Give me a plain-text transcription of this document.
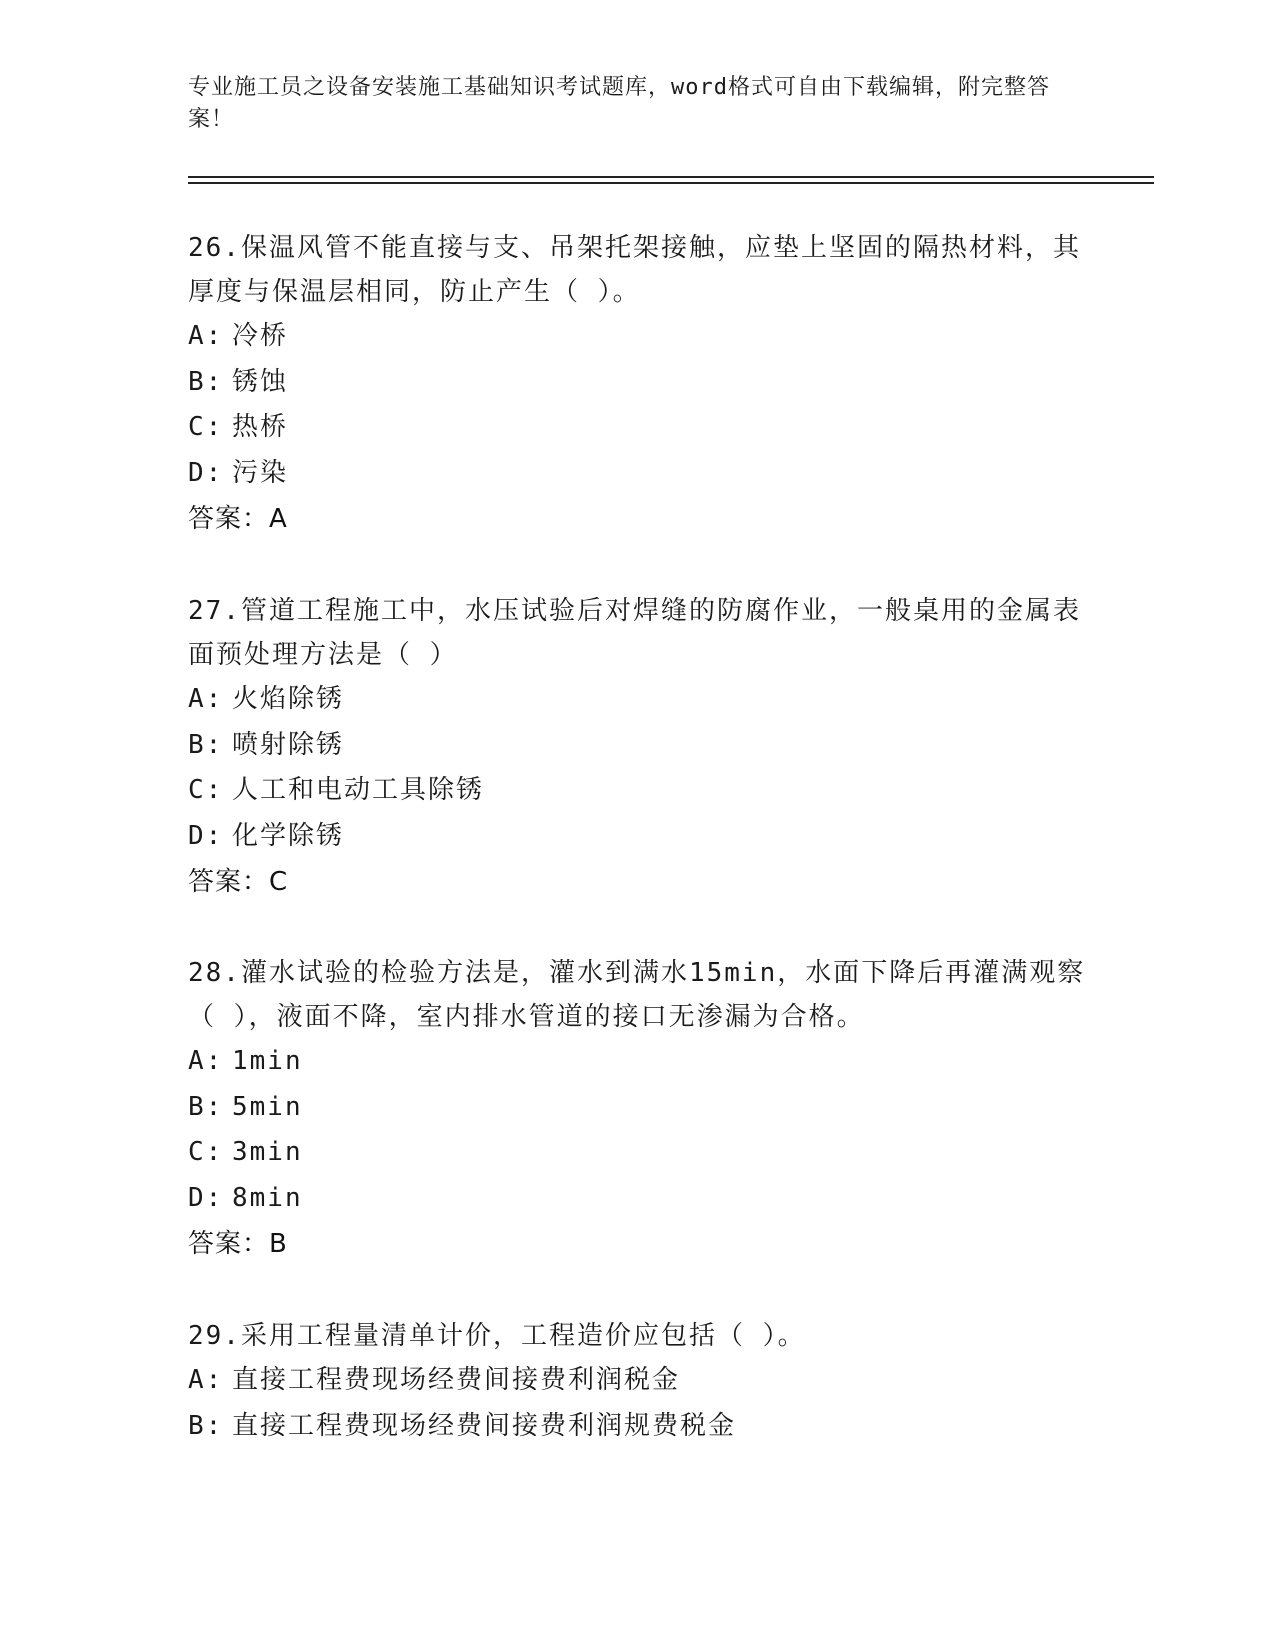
专业施工员之设备安装施工基础知识考试题库，word格式可自由下载编辑，附完整答案！
26.保温风管不能直接与支、吊架托架接触，应垫上坚固的隔热材料，其厚度与保温层相同，防止产生（ ）。
A: 冷桥
B: 锈蚀
C: 热桥
D: 污染
答案：A
27.管道工程施工中，水压试验后对焊缝的防腐作业，一般桌用的金属表面预处理方法是（ ）
A: 火焰除锈
B: 喷射除锈
C: 人工和电动工具除锈
D: 化学除锈
答案：C
28.灌水试验的检验方法是，灌水到满水15min，水面下降后再灌满观察（ ），液面不降，室内排水管道的接口无渗漏为合格。
A: 1min
B: 5min
C: 3min
D: 8min
答案：B
29.采用工程量清单计价，工程造价应包括（ ）。
A: 直接工程费现场经费间接费利润税金
B: 直接工程费现场经费间接费利润规费税金
